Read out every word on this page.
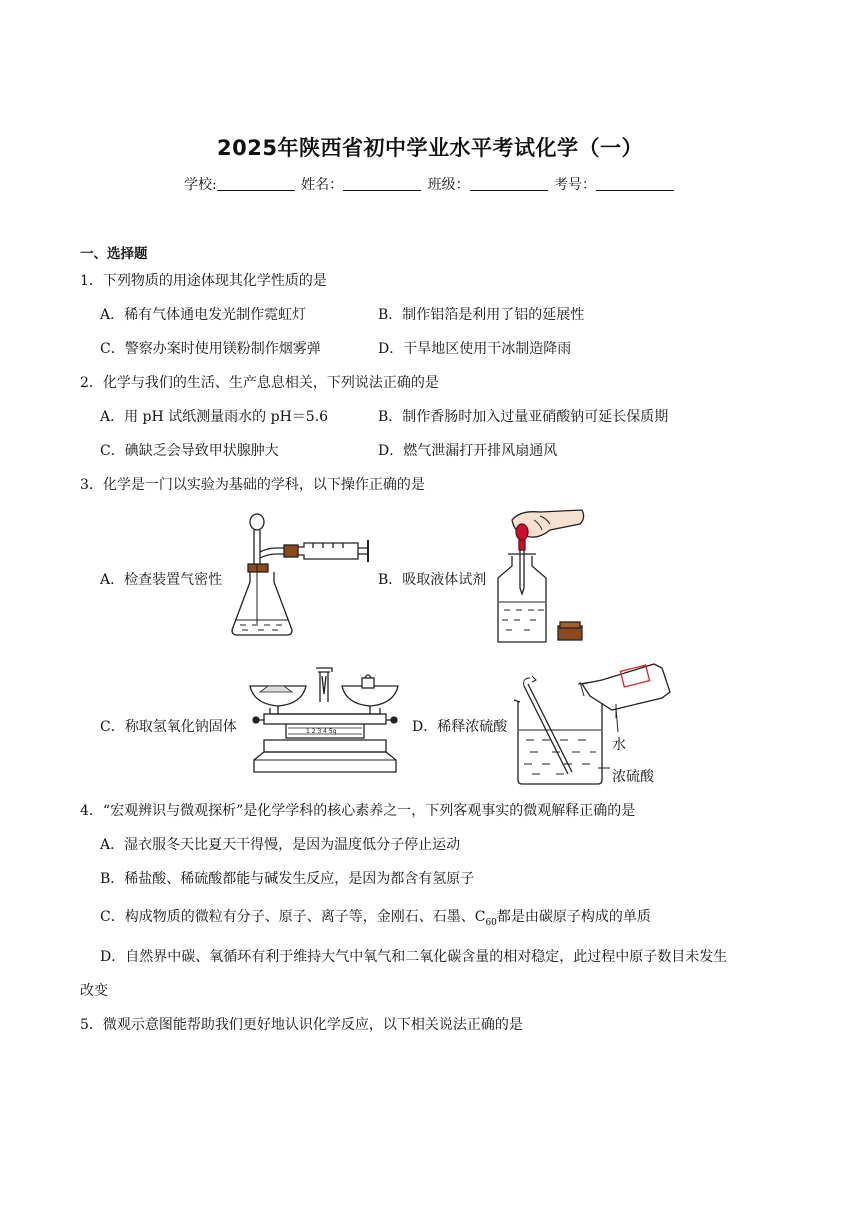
2025年陕西省初中学业水平考试化学（一）
学校:	姓名：	班级：	考号：
一、选择题
1．下列物质的用途体现其化学性质的是
A．稀有气体通电发光制作霓虹灯	B．制作铝箔是利用了铝的延展性
C．警察办案时使用镁粉制作烟雾弹	D．干旱地区使用干冰制造降雨
2．化学与我们的生活、生产息息相关，下列说法正确的是
A．用 pH 试纸测量雨水的 pH＝5.6	B．制作香肠时加入过量亚硝酸钠可延长保质期
C．碘缺乏会导致甲状腺肿大	D．燃气泄漏打开排风扇通风
3．化学是一门以实验为基础的学科，以下操作正确的是
A．检查装置气密性	B．吸取液体试剂
C．称取氢氧化钠固体	D．稀释浓硫酸
1 2 3 4 5g
水
浓硫酸
4．“宏观辨识与微观探析”是化学学科的核心素养之一，下列客观事实的微观解释正确的是
A．湿衣服冬天比夏天干得慢，是因为温度低分子停止运动
B．稀盐酸、稀硫酸都能与碱发生反应，是因为都含有氢原子
C．构成物质的微粒有分子、原子、离子等，金刚石、石墨、$C_{60}$都是由碳原子构成的单质
D．自然界中碳、氧循环有利于维持大气中氧气和二氧化碳含量的相对稳定，此过程中原子数目未发生
改变
5．微观示意图能帮助我们更好地认识化学反应，以下相关说法正确的是
